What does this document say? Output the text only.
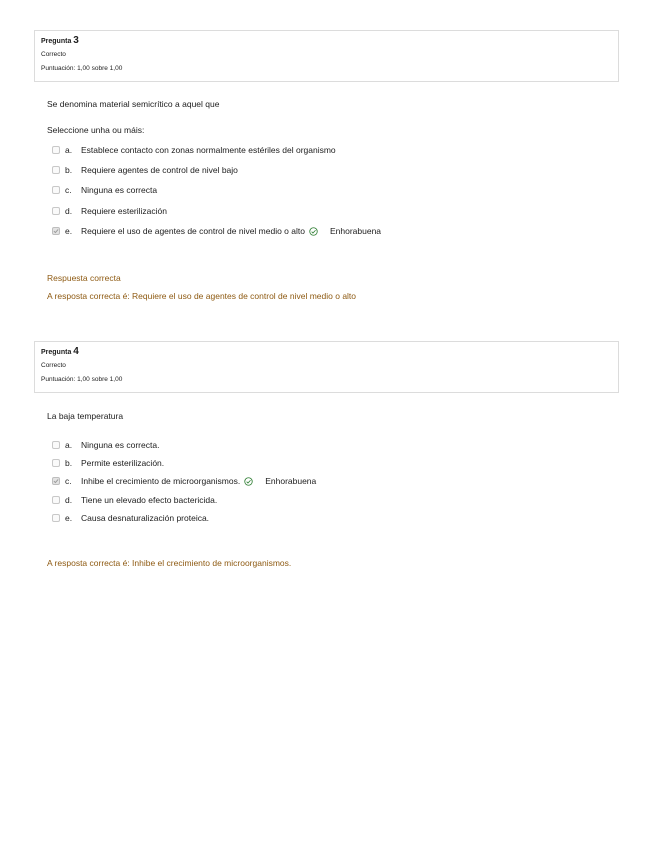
Pregunta 3
Correcto
Puntuación: 1,00 sobre 1,00
Se denomina material semicrítico a aquel que
Seleccione unha ou máis:
a.	Establece contacto con zonas normalmente estériles del organismo
b.	Requiere agentes de control de nivel bajo
c.	Ninguna es correcta
d.	Requiere esterilización
e.	Requiere el uso de agentes de control de nivel medio o alto	Enhorabuena
Respuesta correcta
A resposta correcta é: Requiere el uso de agentes de control de nivel medio o alto
Pregunta 4
Correcto
Puntuación: 1,00 sobre 1,00
La baja temperatura
a.	Ninguna es correcta.
b.	Permite esterilización.
c.	Inhibe el crecimiento de microorganismos.	Enhorabuena
d.	Tiene un elevado efecto bactericida.
e.	Causa desnaturalización proteica.
A resposta correcta é: Inhibe el crecimiento de microorganismos.
